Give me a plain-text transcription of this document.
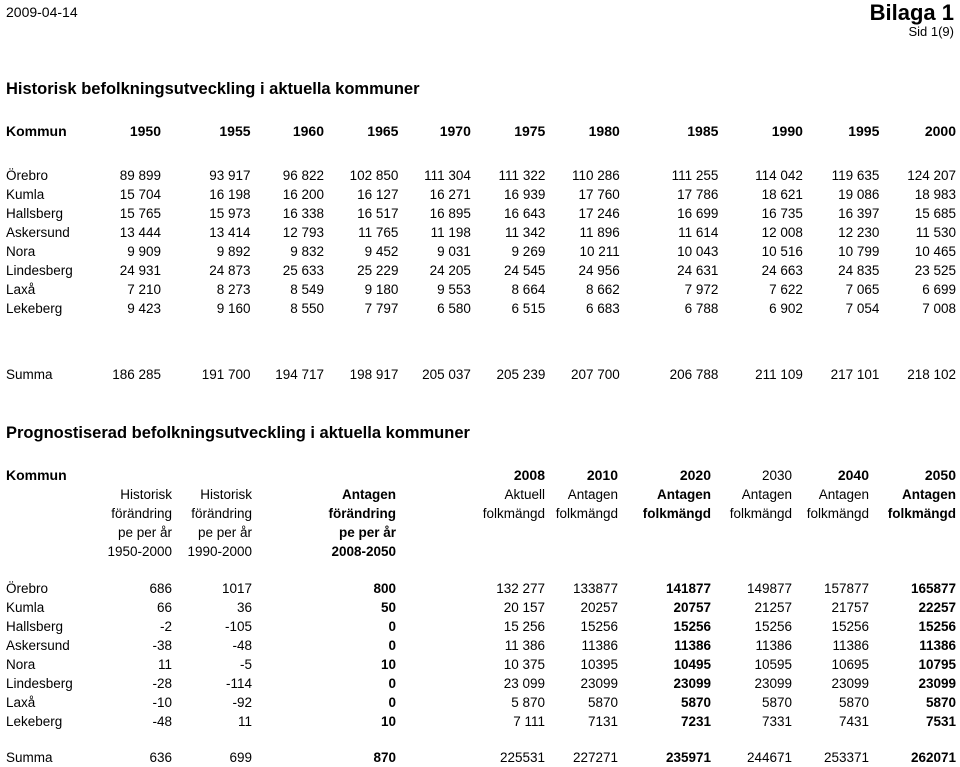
2009-04-14	Bilaga 1
Sid 1(9)
Historisk befolkningsutveckling i aktuella kommuner
Kommun	1950	1955	1960	1965	1970	1975	1980	1985	1990	1995	2000
Örebro	89 899	93 917	96 822	102 850	111 304	111 322	110 286	111 255	114 042	119 635	124 207
Kumla	15 704	16 198	16 200	16 127	16 271	16 939	17 760	17 786	18 621	19 086	18 983
Hallsberg	15 765	15 973	16 338	16 517	16 895	16 643	17 246	16 699	16 735	16 397	15 685
Askersund	13 444	13 414	12 793	11 765	11 198	11 342	11 896	11 614	12 008	12 230	11 530
Nora	9 909	9 892	9 832	9 452	9 031	9 269	10 211	10 043	10 516	10 799	10 465
Lindesberg	24 931	24 873	25 633	25 229	24 205	24 545	24 956	24 631	24 663	24 835	23 525
Laxå	7 210	8 273	8 549	9 180	9 553	8 664	8 662	7 972	7 622	7 065	6 699
Lekeberg	9 423	9 160	8 550	7 797	6 580	6 515	6 683	6 788	6 902	7 054	7 008
Summa	186 285	191 700	194 717	198 917	205 037	205 239	207 700	206 788	211 109	217 101	218 102
Prognostiserad befolkningsutveckling i aktuella kommuner
Kommun				2008	2010	2020	2030	2040	2050
	Historisk	Historisk	Antagen	Aktuell	Antagen	Antagen	Antagen	Antagen	Antagen
	förändring	förändring	förändring	folkmängd	folkmängd	folkmängd	folkmängd	folkmängd	folkmängd
	pe per år	pe per år	pe per år						
	1950-2000	1990-2000	2008-2050						
Örebro	686	1017	800	132 277	133877	141877	149877	157877	165877
Kumla	66	36	50	20 157	20257	20757	21257	21757	22257
Hallsberg	-2	-105	0	15 256	15256	15256	15256	15256	15256
Askersund	-38	-48	0	11 386	11386	11386	11386	11386	11386
Nora	11	-5	10	10 375	10395	10495	10595	10695	10795
Lindesberg	-28	-114	0	23 099	23099	23099	23099	23099	23099
Laxå	-10	-92	0	5 870	5870	5870	5870	5870	5870
Lekeberg	-48	11	10	7 111	7131	7231	7331	7431	7531
Summa	636	699	870	225531	227271	235971	244671	253371	262071
